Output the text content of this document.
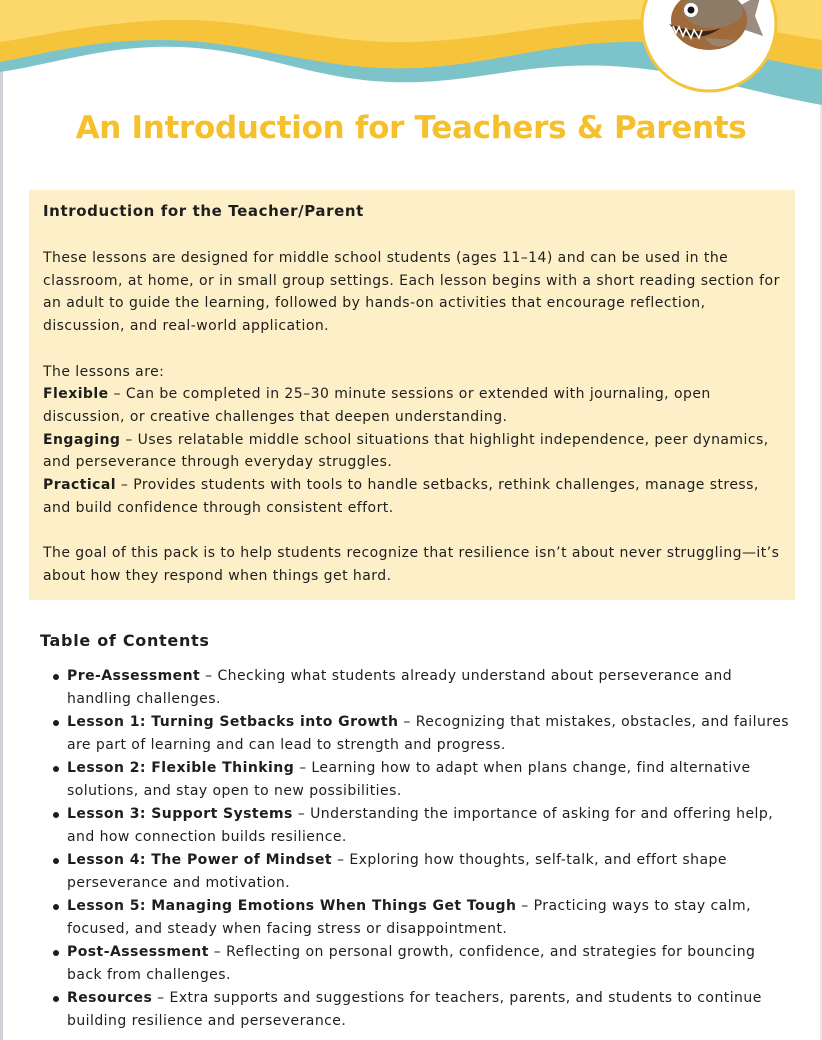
An Introduction for Teachers & Parents
Introduction for the Teacher/Parent

These lessons are designed for middle school students (ages 11–14) and can be used in the classroom, at home, or in small group settings. Each lesson begins with a short reading section for an adult to guide the learning, followed by hands-on activities that encourage reflection, discussion, and real-world application.

The lessons are:

Flexible – Can be completed in 25–30 minute sessions or extended with journaling, open discussion, or creative challenges that deepen understanding.

Engaging – Uses relatable middle school situations that highlight independence, peer dynamics, and perseverance through everyday struggles.

Practical – Provides students with tools to handle setbacks, rethink challenges, manage stress, and build confidence through consistent effort.

The goal of this pack is to help students recognize that resilience isn’t about never struggling—it’s about how they respond when things get hard.

Table of Contents
Pre-Assessment – Checking what students already understand about perseverance and handling challenges.
Lesson 1: Turning Setbacks into Growth – Recognizing that mistakes, obstacles, and failures are part of learning and can lead to strength and progress.
Lesson 2: Flexible Thinking – Learning how to adapt when plans change, find alternative solutions, and stay open to new possibilities.
Lesson 3: Support Systems – Understanding the importance of asking for and offering help, and how connection builds resilience.
Lesson 4: The Power of Mindset – Exploring how thoughts, self-talk, and effort shape perseverance and motivation.
Lesson 5: Managing Emotions When Things Get Tough – Practicing ways to stay calm, focused, and steady when facing stress or disappointment.
Post-Assessment – Reflecting on personal growth, confidence, and strategies for bouncing back from challenges.
Resources – Extra supports and suggestions for teachers, parents, and students to continue building resilience and perseverance.
